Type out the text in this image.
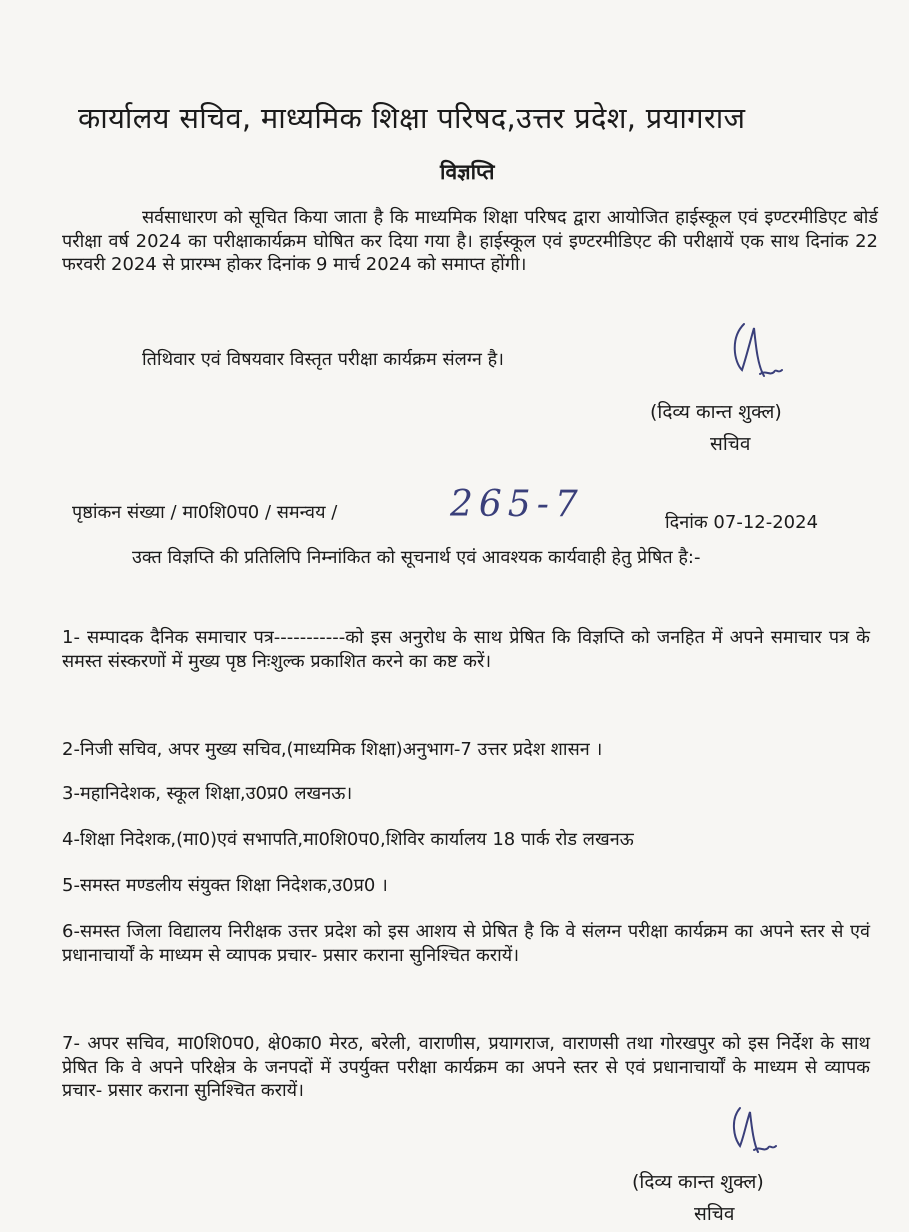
कार्यालय सचिव, माध्यमिक शिक्षा परिषद,उत्तर प्रदेश, प्रयागराज
विज्ञप्ति
सर्वसाधारण को सूचित किया जाता है कि माध्यमिक शिक्षा परिषद द्वारा आयोजित हाईस्कूल एवं इण्टरमीडिएट बोर्ड परीक्षा वर्ष 2024 का परीक्षाकार्यक्रम घोषित कर दिया गया है। हाईस्कूल एवं इण्टरमीडिएट की परीक्षायें एक साथ दिनांक 22 फरवरी 2024 से प्रारम्भ होकर दिनांक 9 मार्च 2024 को समाप्त होंगी।
तिथिवार एवं विषयवार विस्तृत परीक्षा कार्यक्रम संलग्न है।
(दिव्य कान्त शुक्ल)
सचिव
पृष्ठांकन संख्या / मा0शि0प0 / समन्वय /	265-7	दिनांक 07-12-2024
उक्त विज्ञप्ति की प्रतिलिपि निम्नांकित को सूचनार्थ एवं आवश्यक कार्यवाही हेतु प्रेषित है:-
1- सम्पादक दैनिक समाचार पत्र-----------को इस अनुरोध के साथ प्रेषित कि विज्ञप्ति को जनहित में अपने समाचार पत्र के समस्त संस्करणों में मुख्य पृष्ठ निःशुल्क प्रकाशित करने का कष्ट करें।
2-निजी सचिव, अपर मुख्य सचिव,(माध्यमिक शिक्षा)अनुभाग-7 उत्तर प्रदेश शासन ।
3-महानिदेशक, स्कूल शिक्षा,उ0प्र0 लखनऊ।
4-शिक्षा निदेशक,(मा0)एवं सभापति,मा0शि0प0,शिविर कार्यालय 18 पार्क रोड लखनऊ
5-समस्त मण्डलीय संयुक्त शिक्षा निदेशक,उ0प्र0 ।
6-समस्त जिला विद्यालय निरीक्षक उत्तर प्रदेश को इस आशय से प्रेषित है कि वे संलग्न परीक्षा कार्यक्रम का अपने स्तर से एवं प्रधानाचार्यों के माध्यम से व्यापक प्रचार- प्रसार कराना सुनिश्चित करायें।
7- अपर सचिव, मा0शि0प0, क्षे0का0 मेरठ, बरेली, वाराणीस, प्रयागराज, वाराणसी तथा गोरखपुर को इस निर्देश के साथ प्रेषित कि वे अपने परिक्षेत्र के जनपदों में उपर्युक्त परीक्षा कार्यक्रम का अपने स्तर से एवं प्रधानाचार्यों के माध्यम से व्यापक प्रचार- प्रसार कराना सुनिश्चित करायें।
(दिव्य कान्त शुक्ल)
सचिव
